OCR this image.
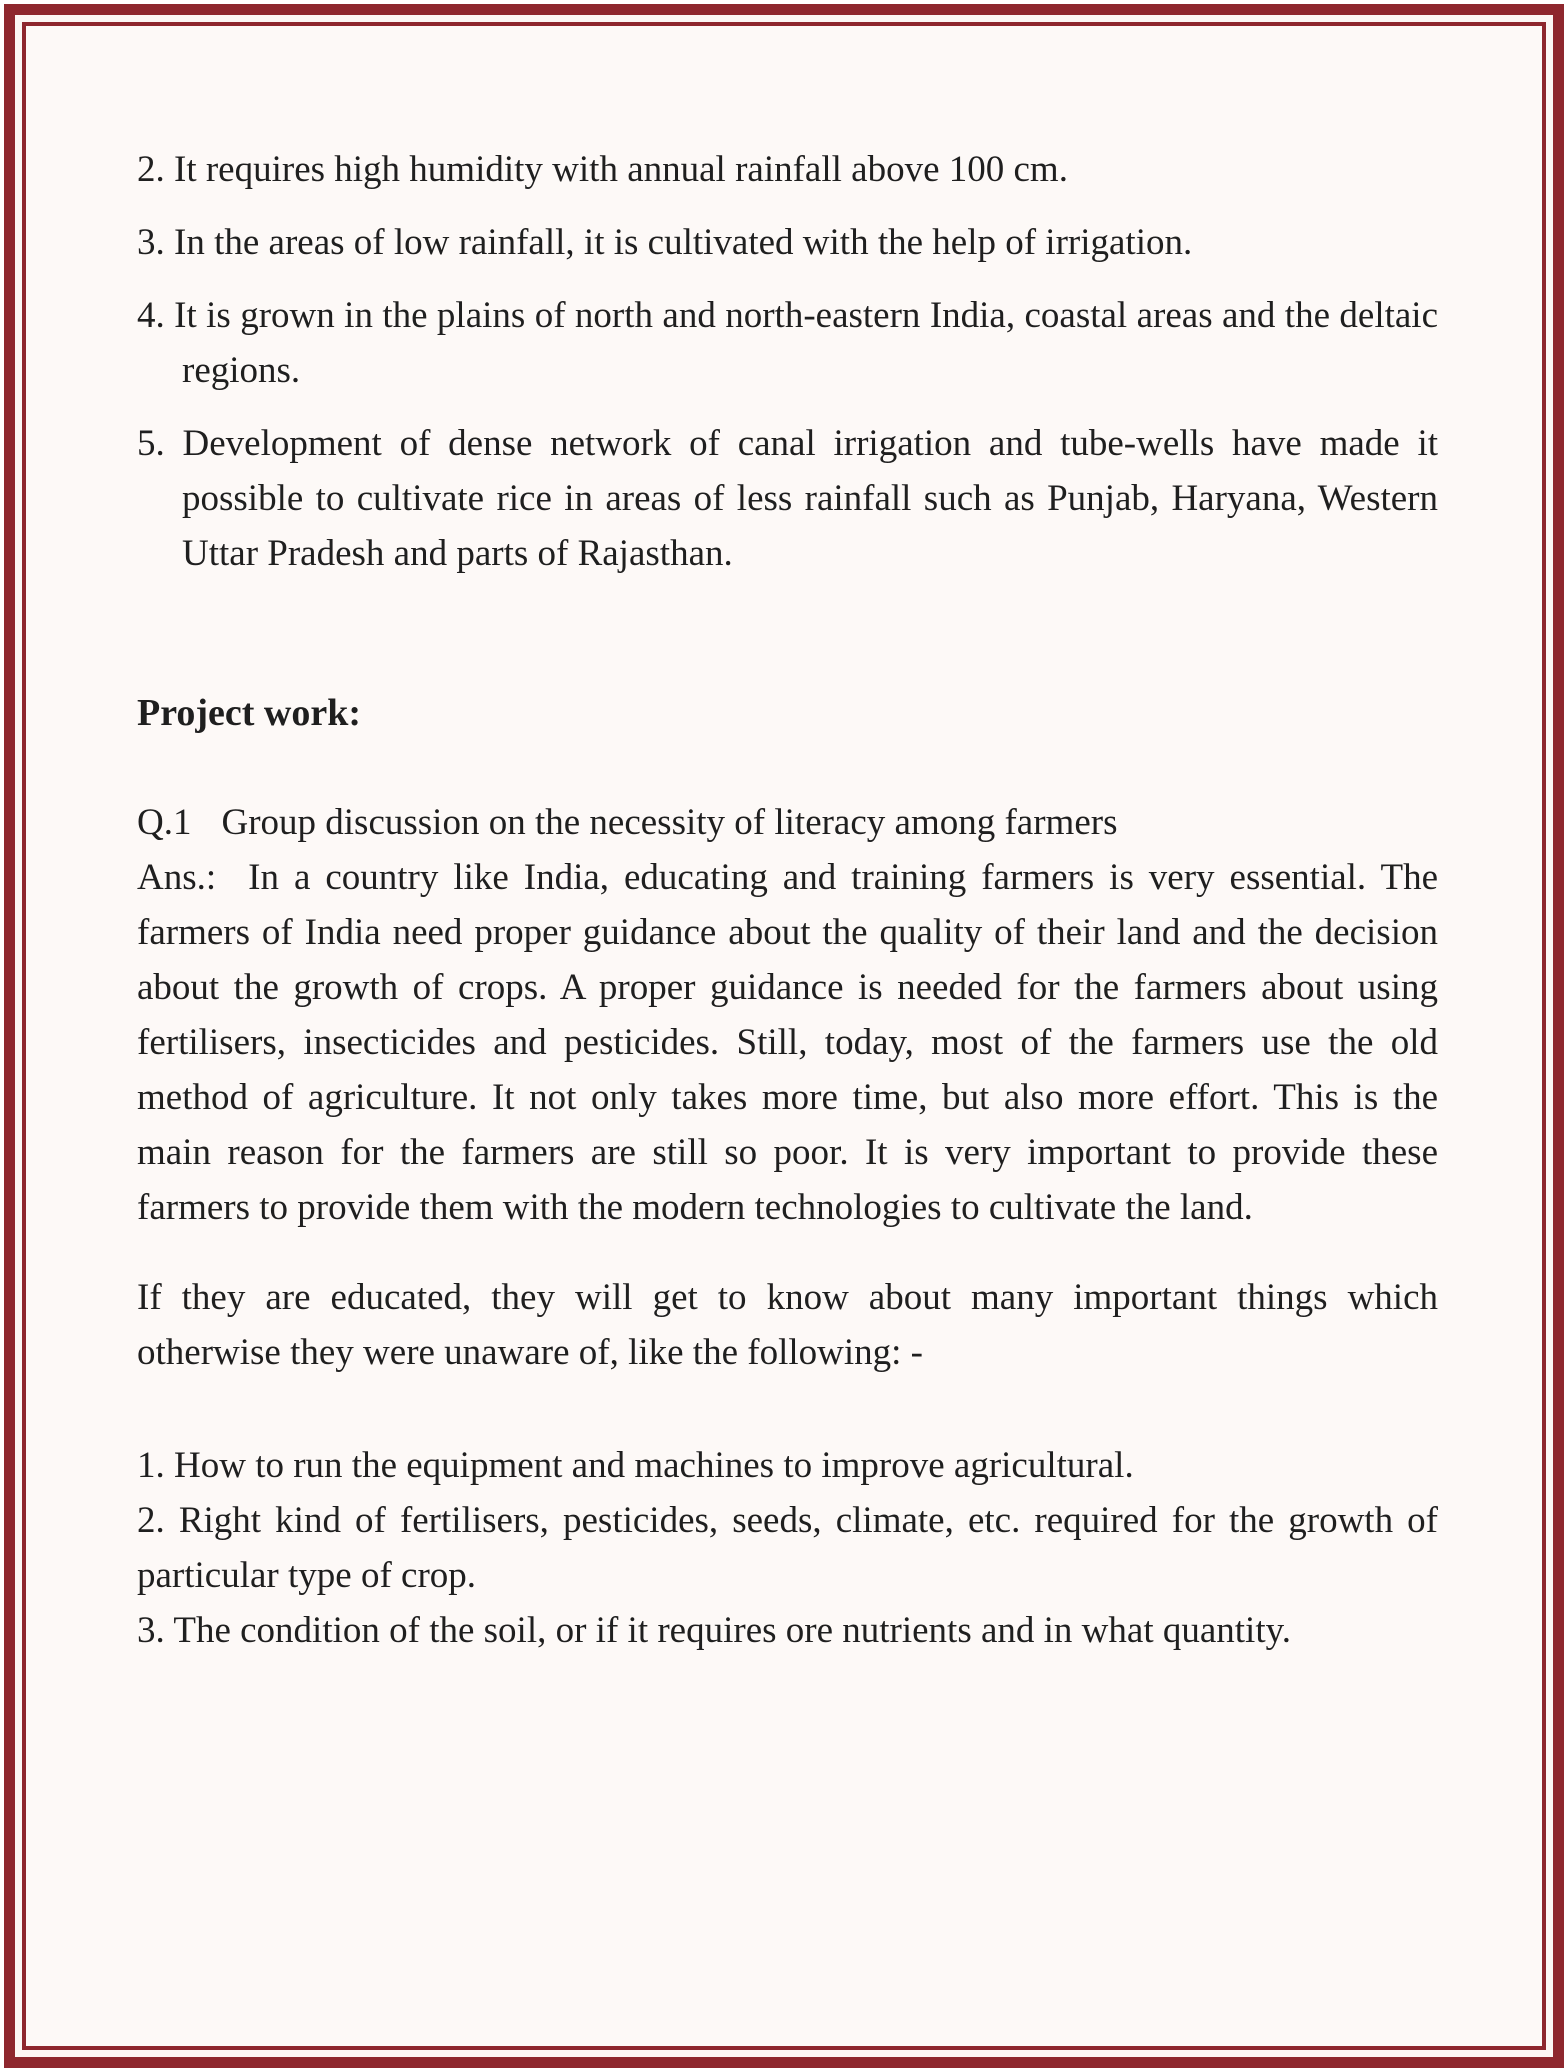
2. It requires high humidity with annual rainfall above 100 cm.

3. In the areas of low rainfall, it is cultivated with the help of irrigation.

4. It is grown in the plains of north and north-eastern India, coastal areas and the deltaic regions.

5. Development of dense network of canal irrigation and tube-wells have made it possible to cultivate rice in areas of less rainfall such as Punjab, Haryana, Western Uttar Pradesh and parts of Rajasthan.

Project work:

Q.1 Group discussion on the necessity of literacy among farmers

Ans.: In a country like India, educating and training farmers is very essential. The farmers of India need proper guidance about the quality of their land and the decision about the growth of crops. A proper guidance is needed for the farmers about using fertilisers, insecticides and pesticides. Still, today, most of the farmers use the old method of agriculture. It not only takes more time, but also more effort. This is the main reason for the farmers are still so poor. It is very important to provide these farmers to provide them with the modern technologies to cultivate the land.

If they are educated, they will get to know about many important things which otherwise they were unaware of, like the following: -

1. How to run the equipment and machines to improve agricultural.

2. Right kind of fertilisers, pesticides, seeds, climate, etc. required for the growth of particular type of crop.

3. The condition of the soil, or if it requires ore nutrients and in what quantity.
